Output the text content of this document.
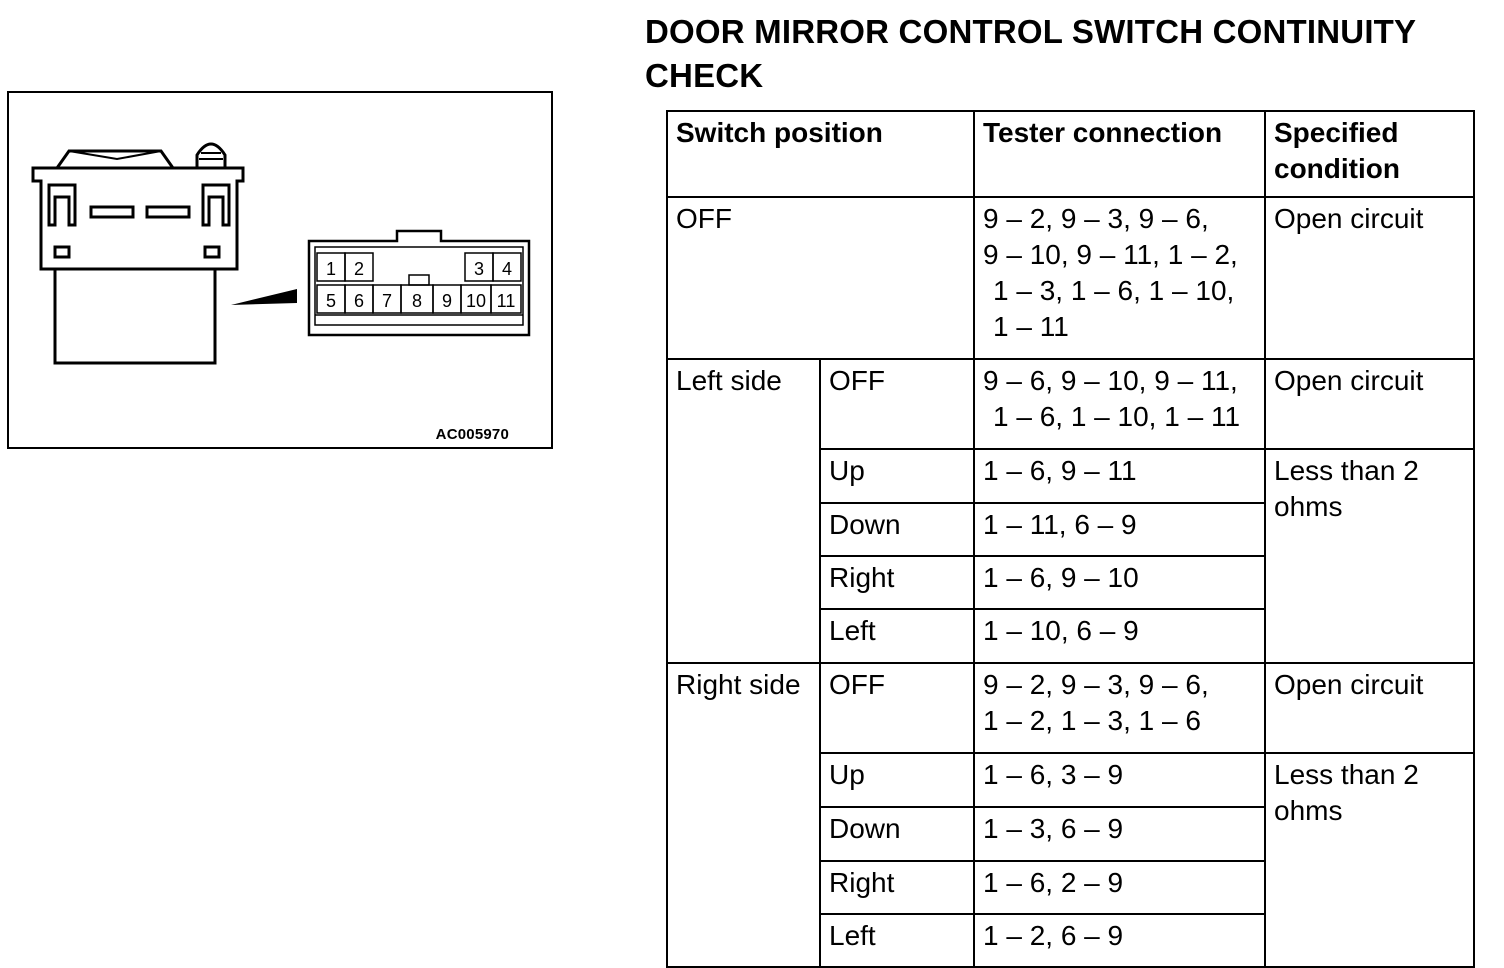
1 2	3 4
5 6 7 8 9 10 11
AC005970
DOOR MIRROR CONTROL SWITCH CONTINUITY CHECK
Switch position		Tester connection	Specified
condition
OFF		9 – 2, 9 – 3, 9 – 6,
9 – 10, 9 – 11, 1 – 2,
1 – 3, 1 – 6, 1 – 10,
1 – 11	Open circuit
Left side	OFF	9 – 6, 9 – 10, 9 – 11,
1 – 6, 1 – 10, 1 – 11	Open circuit
	Up	1 – 6, 9 – 11	Less than 2
ohms
	Down	1 – 11, 6 – 9	
	Right	1 – 6, 9 – 10	
	Left	1 – 10, 6 – 9	
Right side	OFF	9 – 2, 9 – 3, 9 – 6,
1 – 2, 1 – 3, 1 – 6	Open circuit
	Up	1 – 6, 3 – 9	Less than 2
ohms
	Down	1 – 3, 6 – 9	
	Right	1 – 6, 2 – 9	
	Left	1 – 2, 6 – 9	
